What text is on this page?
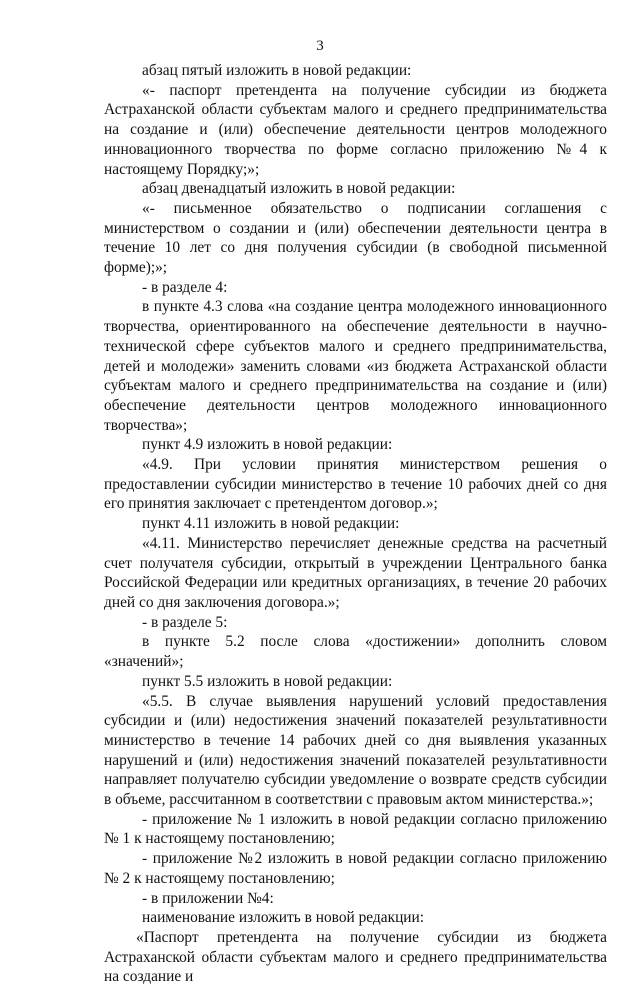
3

абзац пятый изложить в новой редакции:

«- паспорт претендента на получение субсидии из бюджета Астраханской области субъектам малого и среднего предпринимательства на создание и (или) обеспечение деятельности центров молодежного инновационного творчества по форме согласно приложению №4 к настоящему Порядку;»;

абзац двенадцатый изложить в новой редакции:

«- письменное обязательство о подписании соглашения с министерством о создании и (или) обеспечении деятельности центра в течение 10 лет со дня получения субсидии (в свободной письменной форме);»;

- в разделе 4:

в пункте 4.3 слова «на создание центра молодежного инновационного творчества, ориентированного на обеспечение деятельности в научно-технической сфере субъектов малого и среднего предпринимательства, детей и молодежи» заменить словами «из бюджета Астраханской области субъектам малого и среднего предпринимательства на создание и (или) обеспечение деятельности центров молодежного инновационного творчества»;

пункт 4.9 изложить в новой редакции:

«4.9. При условии принятия министерством решения о предоставлении субсидии министерство в течение 10 рабочих дней со дня его принятия заключает с претендентом договор.»;

пункт 4.11 изложить в новой редакции:

«4.11. Министерство перечисляет денежные средства на расчетный счет получателя субсидии, открытый в учреждении Центрального банка Российской Федерации или кредитных организациях, в течение 20 рабочих дней со дня заключения договора.»;

- в разделе 5:

в пункте 5.2 после слова «достижении» дополнить словом «значений»;

пункт 5.5 изложить в новой редакции:

«5.5. В случае выявления нарушений условий предоставления субсидии и (или) недостижения значений показателей результативности министерство в течение 14 рабочих дней со дня выявления указанных нарушений и (или) недостижения значений показателей результативности направляет получателю субсидии уведомление о возврате средств субсидии в объеме, рассчитанном в соответствии с правовым актом министерства.»;

- приложение № 1 изложить в новой редакции согласно приложению № 1 к настоящему постановлению;

- приложение №2 изложить в новой редакции согласно приложению № 2 к настоящему постановлению;

- в приложении №4:

наименование изложить в новой редакции:

«Паспорт претендента на получение субсидии из бюджета Астраханской области субъектам малого и среднего предпринимательства на создание и
